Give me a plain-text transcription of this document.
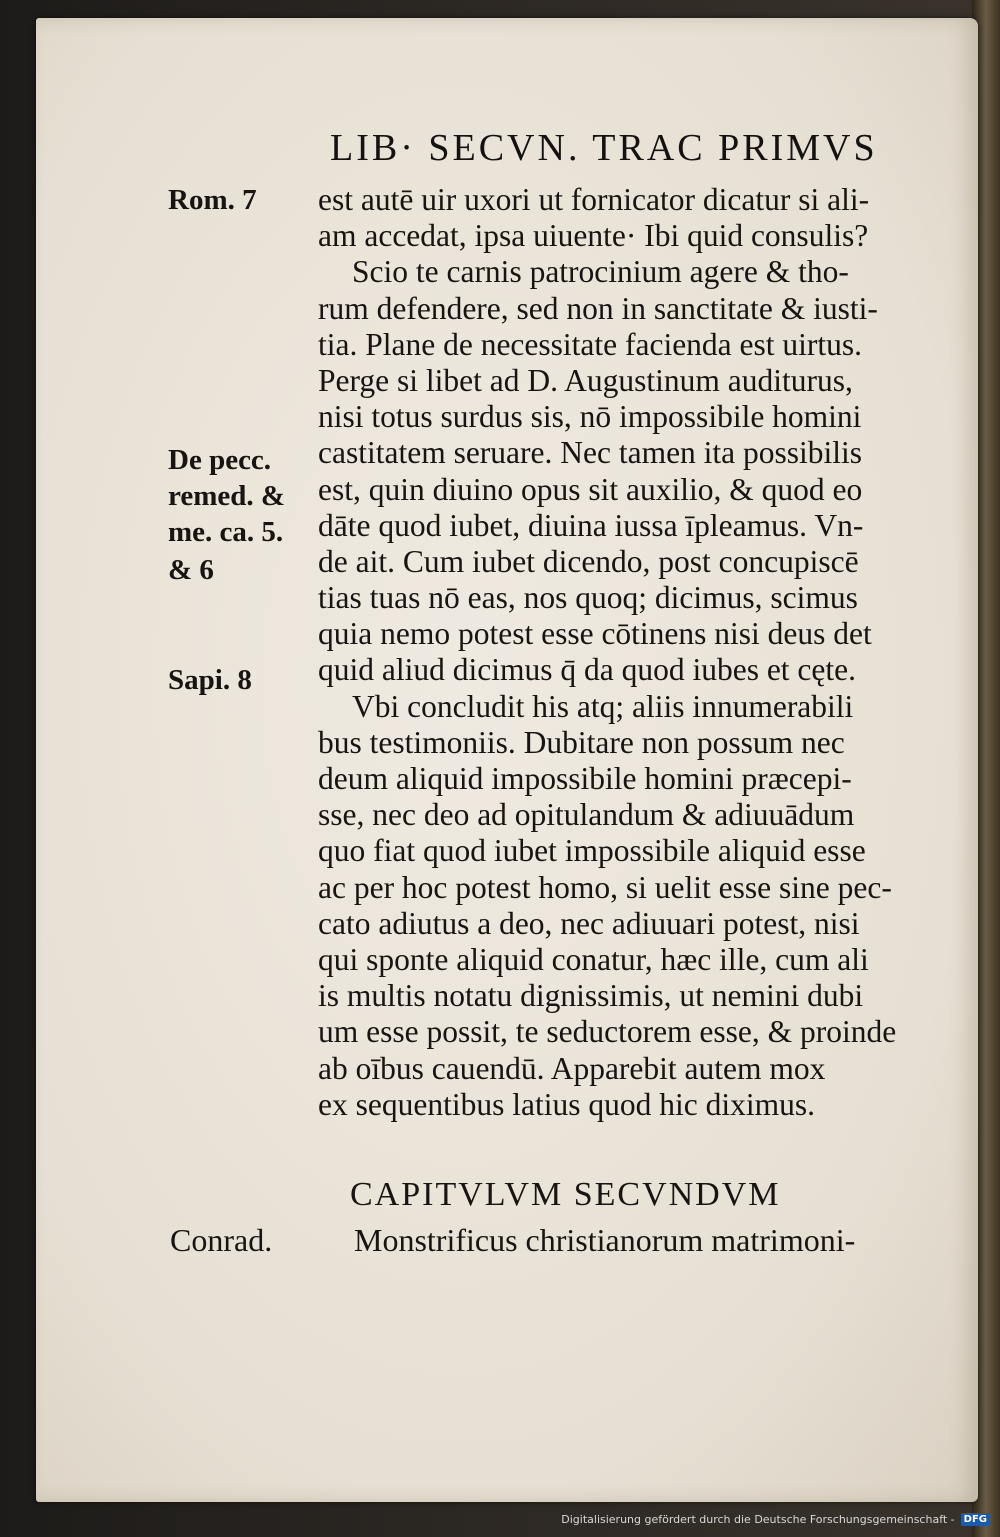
LIB· SECVN. TRAC PRIMVS
Rom. 7
De pecc.
remed. &
me. ca. 5.
& 6
Sapi. 8
est autē uir uxori ut fornicator dicatur si ali-
am accedat, ipsa uiuente· Ibi quid consulis?
Scio te carnis patrocinium agere & tho-
rum defendere, sed non in sanctitate & iusti-
tia. Plane de necessitate facienda est uirtus.
Perge si libet ad D. Augustinum auditurus,
nisi totus surdus sis, nō impossibile homini
castitatem seruare. Nec tamen ita possibilis
est, quin diuino opus sit auxilio, & quod eo
dāte quod iubet, diuina iussa īpleamus. Vn-
de ait. Cum iubet dicendo, post concupiscē
tias tuas nō eas, nos quoq; dicimus, scimus
quia nemo potest esse cōtinens nisi deus det
quid aliud dicimus q̄ da quod iubes et cęte.
Vbi concludit his atq; aliis innumerabili
bus testimoniis. Dubitare non possum nec
deum aliquid impossibile homini præcepi-
sse, nec deo ad opitulandum & adiuuādum
quo fiat quod iubet impossibile aliquid esse
ac per hoc potest homo, si uelit esse sine pec-
cato adiutus a deo, nec adiuuari potest, nisi
qui sponte aliquid conatur, hæc ille, cum ali
is multis notatu dignissimis, ut nemini dubi
um esse possit, te seductorem esse, & proinde
ab oībus cauendū. Apparebit autem mox
ex sequentibus latius quod hic diximus.
CAPITVLVM SECVNDVM
Conrad.	Monstrificus christianorum matrimoni-
Digitalisierung gefördert durch die Deutsche Forschungsgemeinschaft - DFG
